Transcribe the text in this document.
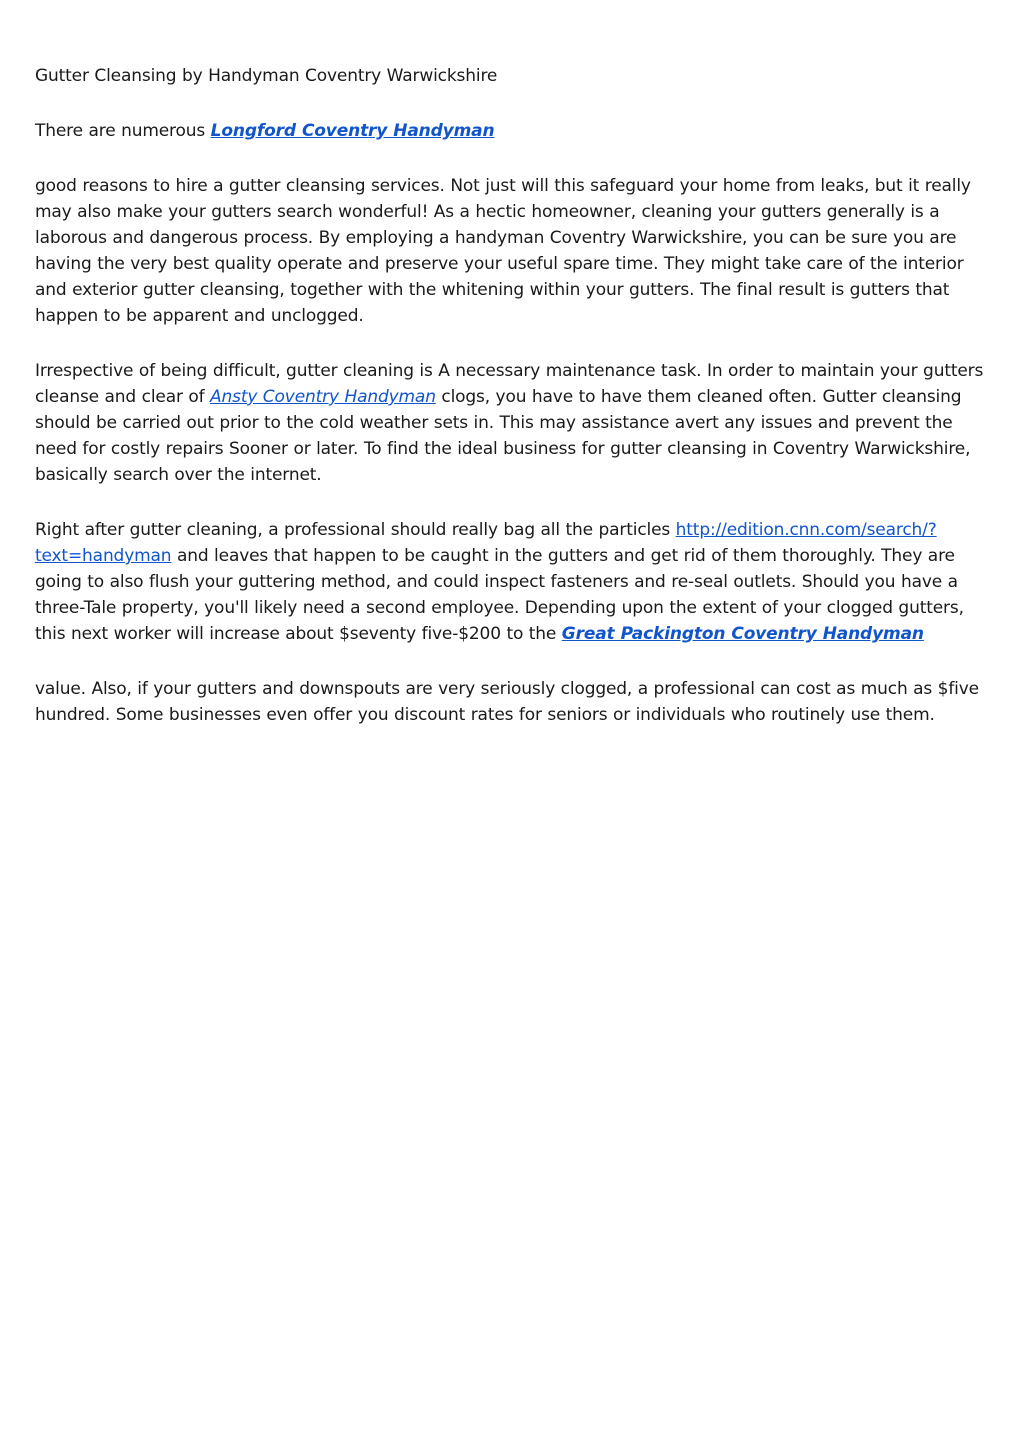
Gutter Cleansing by Handyman Coventry Warwickshire

There are numerous Longford Coventry Handyman

good reasons to hire a gutter cleansing services. Not just will this safeguard your home from leaks, but it really may also make your gutters search wonderful! As a hectic homeowner, cleaning your gutters generally is a laborous and dangerous process. By employing a handyman Coventry Warwickshire, you can be sure you are having the very best quality operate and preserve your useful spare time. They might take care of the interior and exterior gutter cleansing, together with the whitening within your gutters. The final result is gutters that happen to be apparent and unclogged.

Irrespective of being difficult, gutter cleaning is A necessary maintenance task. In order to maintain your gutters cleanse and clear of Ansty Coventry Handyman clogs, you have to have them cleaned often. Gutter cleansing should be carried out prior to the cold weather sets in. This may assistance avert any issues and prevent the need for costly repairs Sooner or later. To find the ideal business for gutter cleansing in Coventry Warwickshire, basically search over the internet.

Right after gutter cleaning, a professional should really bag all the particles http://edition.cnn.com/search/?text=handyman and leaves that happen to be caught in the gutters and get rid of them thoroughly. They are going to also flush your guttering method, and could inspect fasteners and re-seal outlets. Should you have a three-Tale property, you'll likely need a second employee. Depending upon the extent of your clogged gutters, this next worker will increase about $seventy five-$200 to the Great Packington Coventry Handyman

value. Also, if your gutters and downspouts are very seriously clogged, a professional can cost as much as $five hundred. Some businesses even offer you discount rates for seniors or individuals who routinely use them.
